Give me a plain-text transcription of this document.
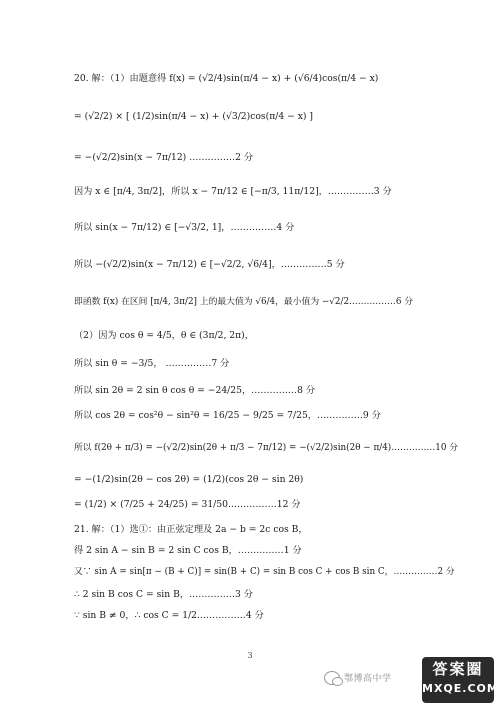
20. 解：（1）由题意得 f(x) = (√2/4)sin(π/4 − x) + (√6/4)cos(π/4 − x)
= (√2/2) × [ (1/2)sin(π/4 − x) + (√3/2)cos(π/4 − x) ]
= −(√2/2)sin(x − 7π/12) ……………2 分
因为 x ∈ [π/4, 3π/2]，所以 x − 7π/12 ∈ [−π/3, 11π/12]，……………3 分
所以 sin(x − 7π/12) ∈ [−√3/2, 1]，……………4 分
所以 −(√2/2)sin(x − 7π/12) ∈ [−√2/2, √6/4]，……………5 分
即函数 f(x) 在区间 [π/4, 3π/2] 上的最大值为 √6/4，最小值为 −√2/2.……………6 分
（2）因为 cos θ = 4/5，θ ∈ (3π/2, 2π)，
所以 sin θ = −3/5， ……………7 分
所以 sin 2θ = 2 sin θ cos θ = −24/25，……………8 分
所以 cos 2θ = cos²θ − sin²θ = 16/25 − 9/25 = 7/25，……………9 分
所以 f(2θ + π/3) = −(√2/2)sin(2θ + π/3 − 7π/12) = −(√2/2)sin(2θ − π/4)……………10 分
= −(1/2)sin(2θ − cos 2θ) = (1/2)(cos 2θ − sin 2θ)
= (1/2) × (7/25 + 24/25) = 31/50.……………12 分
21. 解：（1）选①：由正弦定理及 2a − b = 2c cos B，
得 2 sin A − sin B = 2 sin C cos B，……………1 分
又∵ sin A = sin[π − (B + C)] = sin(B + C) = sin B cos C + cos B sin C，……………2 分
∴ 2 sin B cos C = sin B，……………3 分
∵ sin B ≠ 0，∴ cos C = 1/2.……………4 分
3
鄂博高中学
答案圈
MXQE.COM
